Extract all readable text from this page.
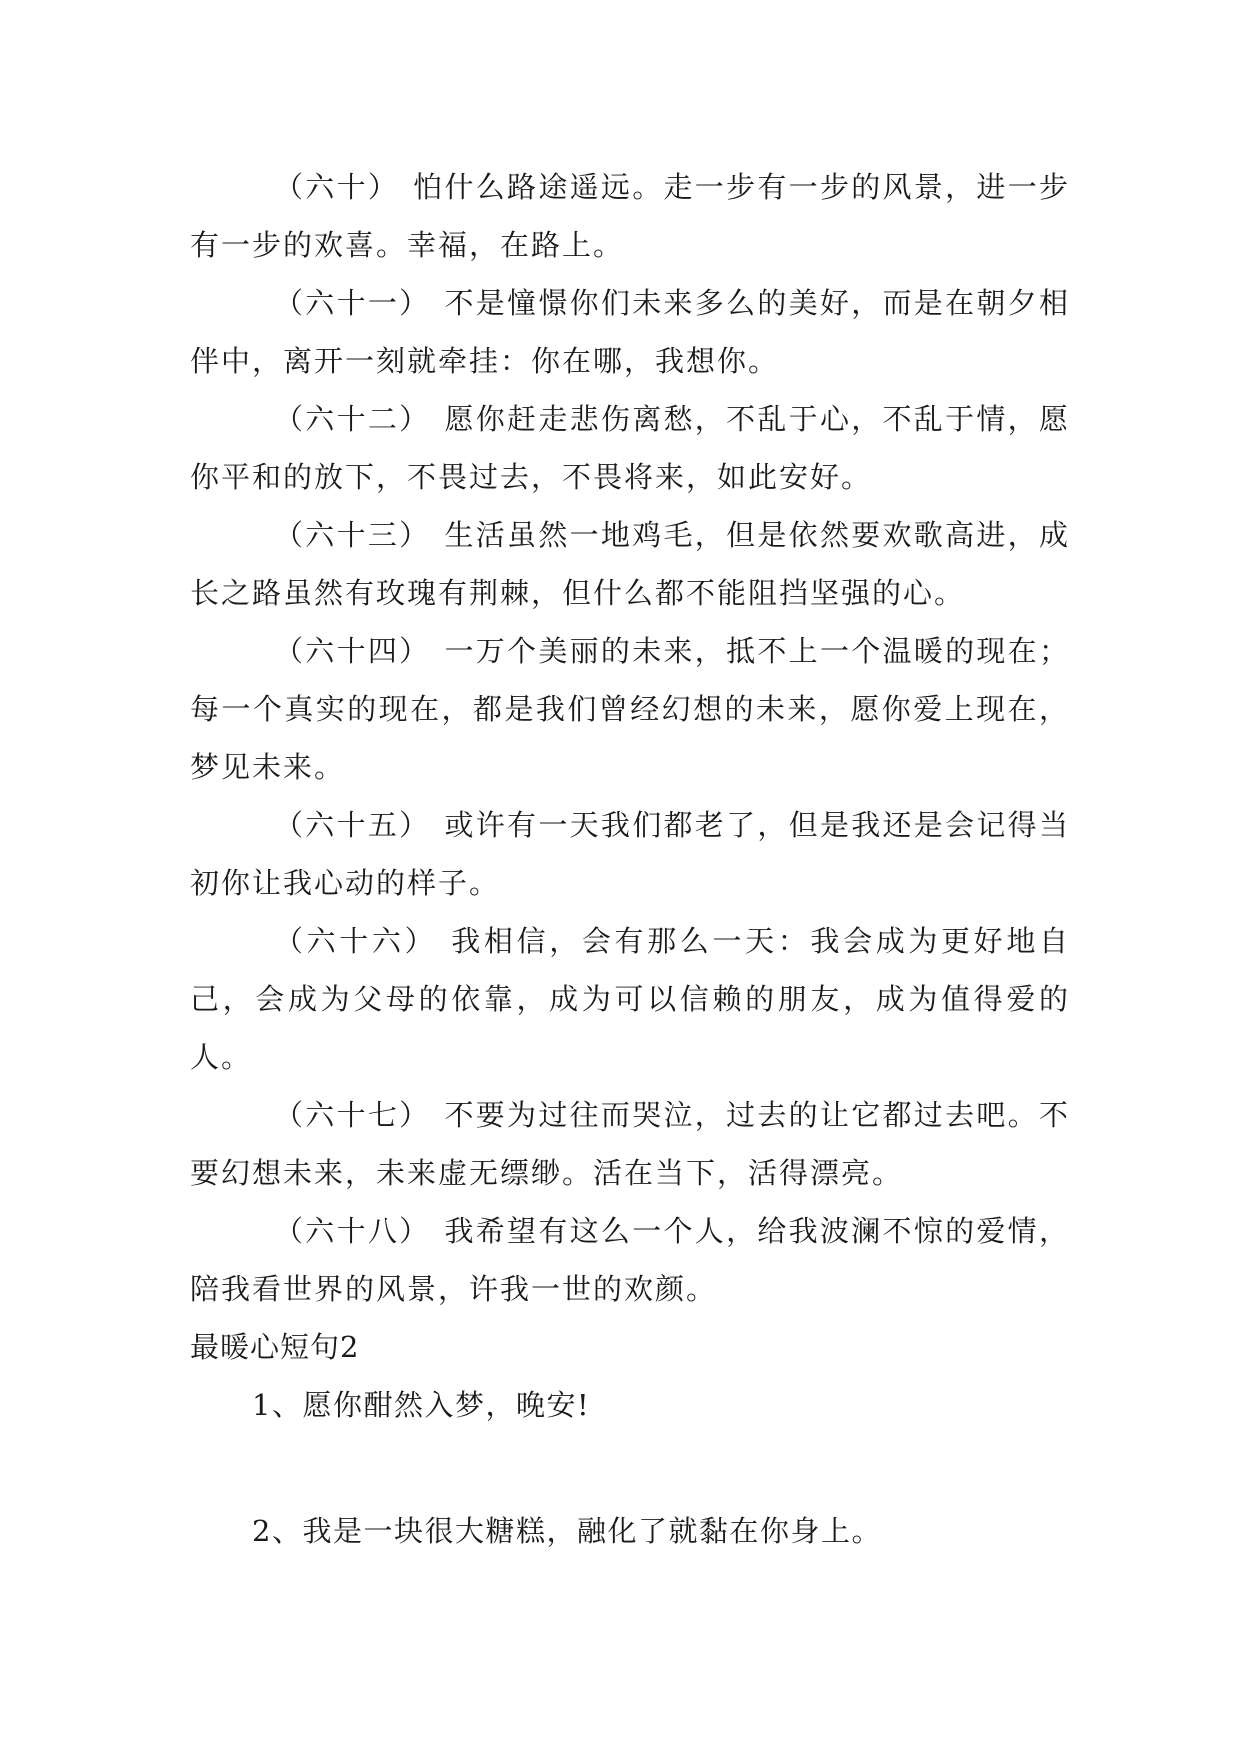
（六十） 怕什么路途遥远。走一步有一步的风景，进一步有一步的欢喜。幸福，在路上。

（六十一） 不是憧憬你们未来多么的美好，而是在朝夕相伴中，离开一刻就牵挂：你在哪，我想你。

（六十二） 愿你赶走悲伤离愁，不乱于心，不乱于情，愿你平和的放下，不畏过去，不畏将来，如此安好。

（六十三） 生活虽然一地鸡毛，但是依然要欢歌高进，成长之路虽然有玫瑰有荆棘，但什么都不能阻挡坚强的心。

（六十四） 一万个美丽的未来，抵不上一个温暖的现在；每一个真实的现在，都是我们曾经幻想的未来，愿你爱上现在，梦见未来。

（六十五） 或许有一天我们都老了，但是我还是会记得当初你让我心动的样子。

（六十六） 我相信，会有那么一天：我会成为更好地自己，会成为父母的依靠，成为可以信赖的朋友，成为值得爱的人。

（六十七） 不要为过往而哭泣，过去的让它都过去吧。不要幻想未来，未来虚无缥缈。活在当下，活得漂亮。

（六十八） 我希望有这么一个人，给我波澜不惊的爱情，陪我看世界的风景，许我一世的欢颜。

最暖心短句2

1、愿你酣然入梦，晚安!

2、我是一块很大糖糕，融化了就黏在你身上。
